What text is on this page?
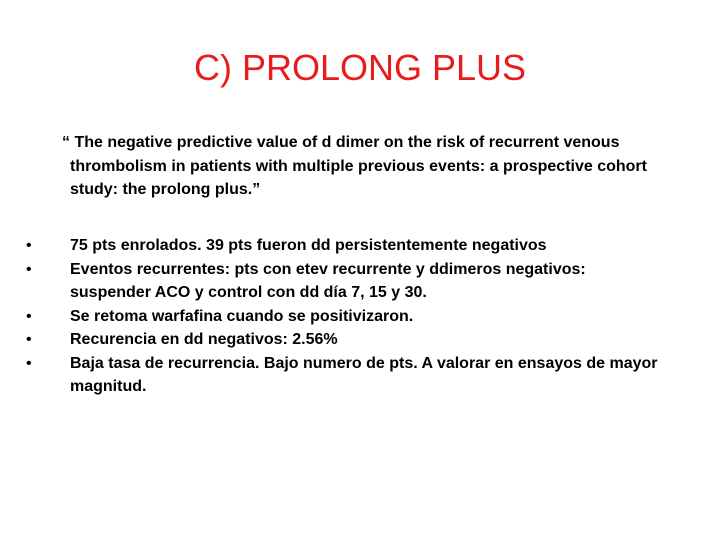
C) PROLONG PLUS

“ The negative predictive value of d dimer on the risk of recurrent venous thrombolism in patients with multiple previous events: a prospective cohort study: the prolong plus.”

•	75 pts enrolados. 39 pts fueron dd persistentemente negativos
•	Eventos recurrentes: pts con etev recurrente y ddimeros negativos: suspender ACO y control con dd día 7, 15 y 30.
•	Se retoma warfafina cuando se positivizaron.
•	Recurencia en dd negativos: 2.56%
•	Baja tasa de recurrencia. Bajo numero de pts. A valorar en ensayos de mayor magnitud.
